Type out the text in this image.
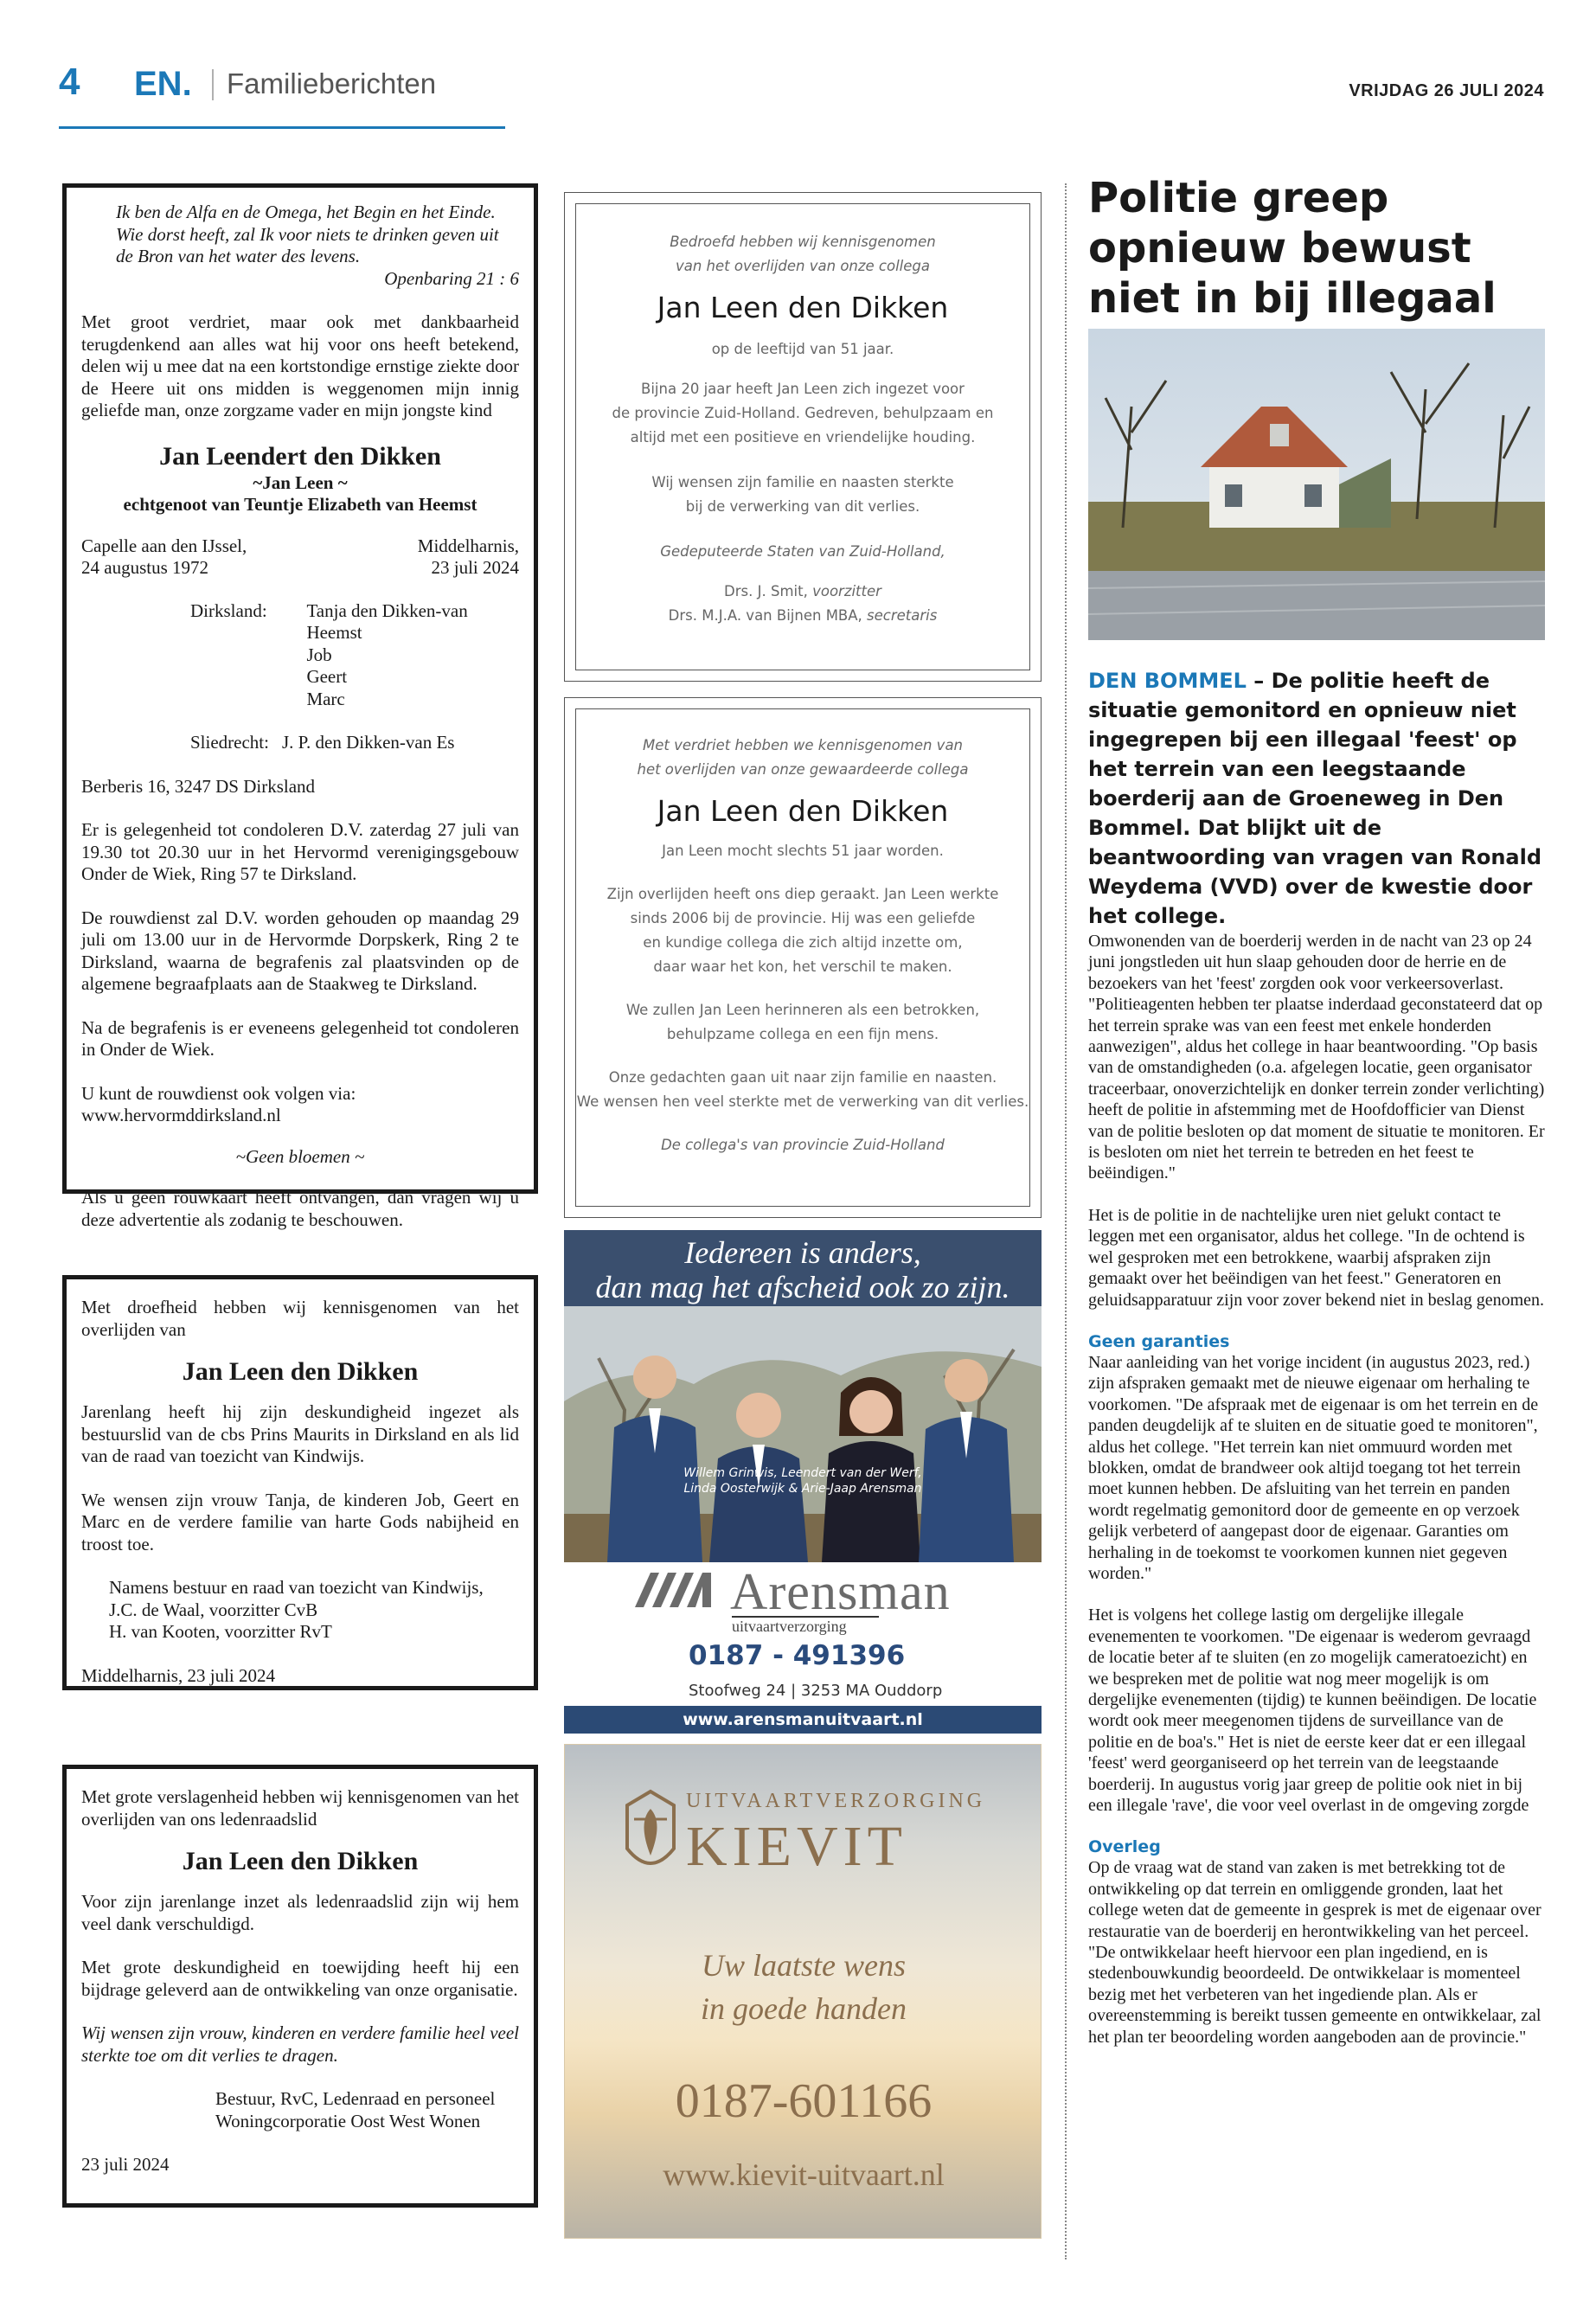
4 EN. Familieberichten	VRIJDAG 26 JULI 2024

Ik ben de Alfa en de Omega, het Begin en het Einde. Wie dorst heeft, zal Ik voor niets te drinken geven uit de Bron van het water des levens.

Openbaring 21 : 6

Met groot verdriet, maar ook met dankbaarheid terugdenkend aan alles wat hij voor ons heeft betekend, delen wij u mee dat na een kortstondige ernstige ziekte door de Heere uit ons midden is weggenomen mijn innig geliefde man, onze zorgzame vader en mijn jongste kind

Jan Leendert den Dikken

~Jan Leen ~

echtgenoot van Teuntje Elizabeth van Heemst

Capelle aan den IJssel,
24 augustus 1972
Middelharnis,
23 juli 2024
Dirksland:	Tanja den Dikken-van Heemst
Job
Geert
Marc
Sliedrecht: J. P. den Dikken-van Es

Berberis 16, 3247 DS Dirksland

Er is gelegenheid tot condoleren D.V. zaterdag 27 juli van 19.30 tot 20.30 uur in het Hervormd verenigingsgebouw Onder de Wiek, Ring 57 te Dirksland.

De rouwdienst zal D.V. worden gehouden op maandag 29 juli om 13.00 uur in de Hervormde Dorpskerk, Ring 2 te Dirksland, waarna de begrafenis zal plaatsvinden op de algemene begraafplaats aan de Staakweg te Dirksland.

Na de begrafenis is er eveneens gelegenheid tot condoleren in Onder de Wiek.

U kunt de rouwdienst ook volgen via:

www.hervormddirksland.nl

~Geen bloemen ~

Als u geen rouwkaart heeft ontvangen, dan vragen wij u deze advertentie als zodanig te beschouwen.

Met droefheid hebben wij kennisgenomen van het overlijden van

Jan Leen den Dikken

Jarenlang heeft hij zijn deskundigheid ingezet als bestuurslid van de cbs Prins Maurits in Dirksland en als lid van de raad van toezicht van Kindwijs.

We wensen zijn vrouw Tanja, de kinderen Job, Geert en Marc en de verdere familie van harte Gods nabijheid en troost toe.

Namens bestuur en raad van toezicht van Kindwijs,
J.C. de Waal, voorzitter CvB
H. van Kooten, voorzitter RvT

Middelharnis, 23 juli 2024

Met grote verslagenheid hebben wij kennisgenomen van het overlijden van ons ledenraadslid

Jan Leen den Dikken

Voor zijn jarenlange inzet als ledenraadslid zijn wij hem veel dank verschuldigd.

Met grote deskundigheid en toewijding heeft hij een bijdrage geleverd aan de ontwikkeling van onze organisatie.

Wij wensen zijn vrouw, kinderen en verdere familie heel veel sterkte toe om dit verlies te dragen.

Bestuur, RvC, Ledenraad en personeel
Woningcorporatie Oost West Wonen

23 juli 2024

Bedroefd hebben wij kennisgenomen

van het overlijden van onze collega

Jan Leen den Dikken

op de leeftijd van 51 jaar.

Bijna 20 jaar heeft Jan Leen zich ingezet voor

de provincie Zuid-Holland. Gedreven, behulpzaam en

altijd met een positieve en vriendelijke houding.

Wij wensen zijn familie en naasten sterkte

bij de verwerking van dit verlies.

Gedeputeerde Staten van Zuid-Holland,

Drs. J. Smit, voorzitter

Drs. M.J.A. van Bijnen MBA, secretaris

Met verdriet hebben we kennisgenomen van

het overlijden van onze gewaardeerde collega

Jan Leen den Dikken

Jan Leen mocht slechts 51 jaar worden.

Zijn overlijden heeft ons diep geraakt. Jan Leen werkte

sinds 2006 bij de provincie. Hij was een geliefde

en kundige collega die zich altijd inzette om,

daar waar het kon, het verschil te maken.

We zullen Jan Leen herinneren als een betrokken,

behulpzame collega en een fijn mens.

Onze gedachten gaan uit naar zijn familie en naasten.

We wensen hen veel sterkte met de verwerking van dit verlies.

De collega's van provincie Zuid-Holland

Iedereen is anders,
dan mag het afscheid ook zo zijn.
Willem Grinwis, Leendert van der Werf,
Linda Oosterwijk & Arie-Jaap Arensman
Arensman
uitvaartverzorging
0187 - 491396
Stoofweg 24 | 3253 MA Ouddorp
www.arensmanuitvaart.nl
UITVAARTVERZORGING
KIEVIT
Uw laatste wens
in goede handen
0187-601166
www.kievit-uitvaart.nl
Politie greep opnieuw bewust niet in bij illegaal
DEN BOMMEL – De politie heeft de situatie gemonitord en opnieuw niet ingegrepen bij een illegaal 'feest' op het terrein van een leegstaande boerderij aan de Groeneweg in Den Bommel. Dat blijkt uit de beantwoording van vragen van Ronald Weydema (VVD) over de kwestie door het college.

Omwonenden van de boerderij werden in de nacht van 23 op 24 juni jongstleden uit hun slaap gehouden door de herrie en de bezoekers van het 'feest' zorgden ook voor verkeersoverlast. "Politieagenten hebben ter plaatse inderdaad geconstateerd dat op het terrein sprake was van een feest met enkele honderden aanwezigen", aldus het college in haar beantwoording. "Op basis van de omstandigheden (o.a. afgelegen locatie, geen organisator traceerbaar, onoverzichtelijk en donker terrein zonder verlichting) heeft de politie in afstemming met de Hoofdofficier van Dienst van de politie besloten op dat moment de situatie te monitoren. Er is besloten om niet het terrein te betreden en het feest te beëindigen."

Het is de politie in de nachtelijke uren niet gelukt contact te leggen met een organisator, aldus het college. "In de ochtend is wel gesproken met een betrokkene, waarbij afspraken zijn gemaakt over het beëindigen van het feest." Generatoren en geluidsapparatuur zijn voor zover bekend niet in beslag genomen.

Geen garanties

Naar aanleiding van het vorige incident (in augustus 2023, red.) zijn afspraken gemaakt met de nieuwe eigenaar om herhaling te voorkomen. "De afspraak met de eigenaar is om het terrein en de panden deugdelijk af te sluiten en de situatie goed te monitoren", aldus het college. "Het terrein kan niet ommuurd worden met blokken, omdat de brandweer ook altijd toegang tot het terrein moet kunnen hebben. De afsluiting van het terrein en panden wordt regelmatig gemonitord door de gemeente en op verzoek gelijk verbeterd of aangepast door de eigenaar. Garanties om herhaling in de toekomst te voorkomen kunnen niet gegeven worden."

Het is volgens het college lastig om dergelijke illegale evenementen te voorkomen. "De eigenaar is wederom gevraagd de locatie beter af te sluiten (en zo mogelijk cameratoezicht) en we bespreken met de politie wat nog meer mogelijk is om dergelijke evenementen (tijdig) te kunnen beëindigen. De locatie wordt ook meer meegenomen tijdens de surveillance van de politie en de boa's." Het is niet de eerste keer dat er een illegaal 'feest' werd georganiseerd op het terrein van de leegstaande boerderij. In augustus vorig jaar greep de politie ook niet in bij een illegale 'rave', die voor veel overlast in de omgeving zorgde

Overleg

Op de vraag wat de stand van zaken is met betrekking tot de ontwikkeling op dat terrein en omliggende gronden, laat het college weten dat de gemeente in gesprek is met de eigenaar over restauratie van de boerderij en herontwikkeling van het perceel. "De ontwikkelaar heeft hiervoor een plan ingediend, en is stedenbouwkundig beoordeeld. De ontwikkelaar is momenteel bezig met het verbeteren van het ingediende plan. Als er overeenstemming is bereikt tussen gemeente en ontwikkelaar, zal het plan ter beoordeling worden aangeboden aan de provincie."
